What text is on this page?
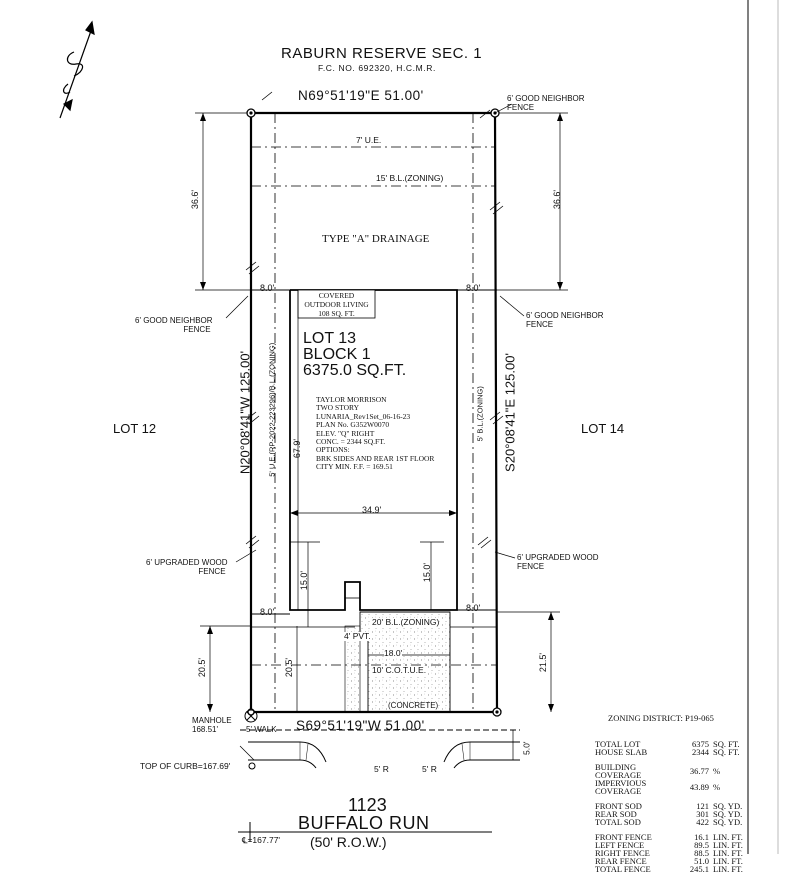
RABURN RESERVE SEC. 1
F.C. NO. 692320, H.C.M.R.
N69°51'19"E 51.00'
7' U.E.
15' B.L.(ZONING)
TYPE "A" DRAINAGE
36.6'	36.6'
8.0'	8.0'
COVERED
OUTDOOR LIVING
108 SQ. FT.
LOT 13
BLOCK 1
6375.0 SQ.FT.
TAYLOR MORRISON
TWO STORY
LUNARIA_Rev1Set_06-16-23
PLAN No. G352W0070
ELEV. "Q" RIGHT
CONC. = 2344 SQ.FT.
OPTIONS:
BRK SIDES AND REAR 1ST FLOOR
CITY MIN. F.F. = 169.51
N20°08'41"W 125.00'	S20°08'41"E 125.00'
5' U.E.(RP-2022-223296)/B.L.(ZONING)	5' B.L.(ZONING)
67.9'
34.9'
LOT 12	LOT 14
6' GOOD NEIGHBOR
FENCE
6' GOOD NEIGHBOR
FENCE
6' GOOD NEIGHBOR
FENCE
6' UPGRADED WOOD
FENCE
6' UPGRADED WOOD
FENCE
15.0'	15.0'
8.0'	8.0'
20' B.L.(ZONING)
4' PVT.
18.0'
10' C.O.T.U.E.
(CONCRETE)
20.5'	20.5'	21.5'
S69°51'19"W 51.00'
MANHOLE
168.51'	5' WALK
5.0'
5' R	5' R
TOP OF CURB=167.69'
1123
BUFFALO RUN
(50' R.O.W.)
℄=167.77'
ZONING DISTRICT: P19-065
TOTAL LOT	6375	SQ. FT.
HOUSE SLAB	2344	SQ. FT.

BUILDING COVERAGE	36.77	%
IMPERVIOUS COVERAGE	43.89	%

FRONT SOD	121	SQ. YD.
REAR SOD	301	SQ. YD.
TOTAL SOD	422	SQ. YD.

FRONT FENCE	16.1	LIN. FT.
LEFT FENCE	89.5	LIN. FT.
RIGHT FENCE	88.5	LIN. FT.
REAR FENCE	51.0	LIN. FT.
TOTAL FENCE	245.1	LIN. FT.
